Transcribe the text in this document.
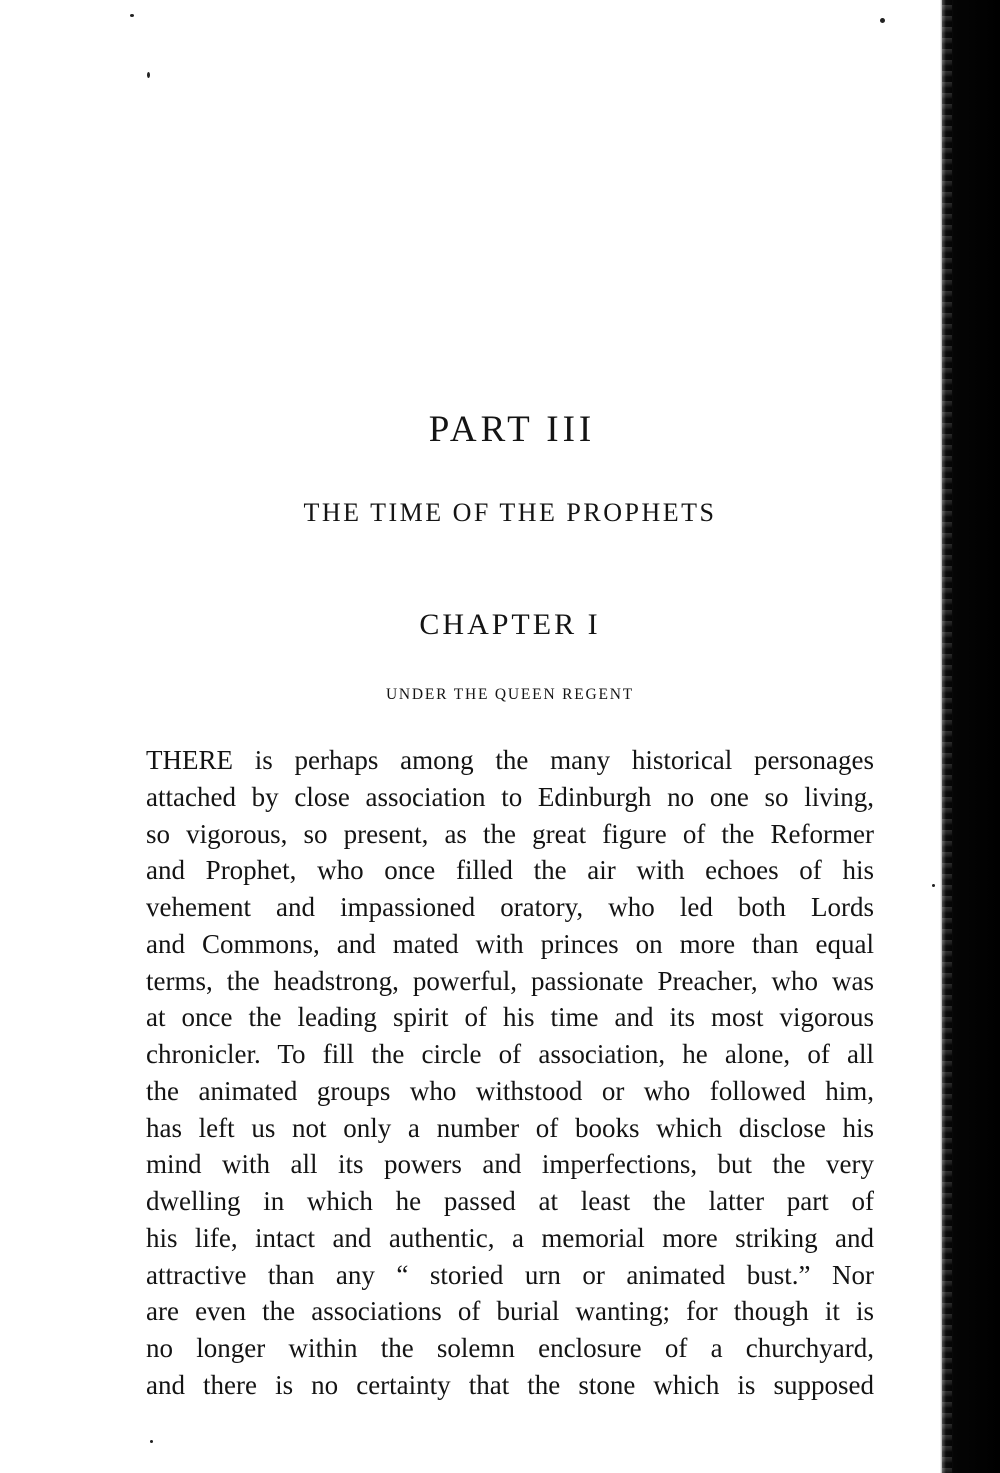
PART III
THE TIME OF THE PROPHETS
CHAPTER I
UNDER THE QUEEN REGENT
THERE is perhaps among the many historical personages
attached by close association to Edinburgh no one so living,
so vigorous, so present, as the great figure of the Reformer
and Prophet, who once filled the air with echoes of his
vehement and impassioned oratory, who led both Lords
and Commons, and mated with princes on more than equal
terms, the headstrong, powerful, passionate Preacher, who was
at once the leading spirit of his time and its most vigorous
chronicler. To fill the circle of association, he alone, of all
the animated groups who withstood or who followed him,
has left us not only a number of books which disclose his
mind with all its powers and imperfections, but the very
dwelling in which he passed at least the latter part of
his life, intact and authentic, a memorial more striking and
attractive than any “ storied urn or animated bust.” Nor
are even the associations of burial wanting; for though it is
no longer within the solemn enclosure of a churchyard,
and there is no certainty that the stone which is supposed
